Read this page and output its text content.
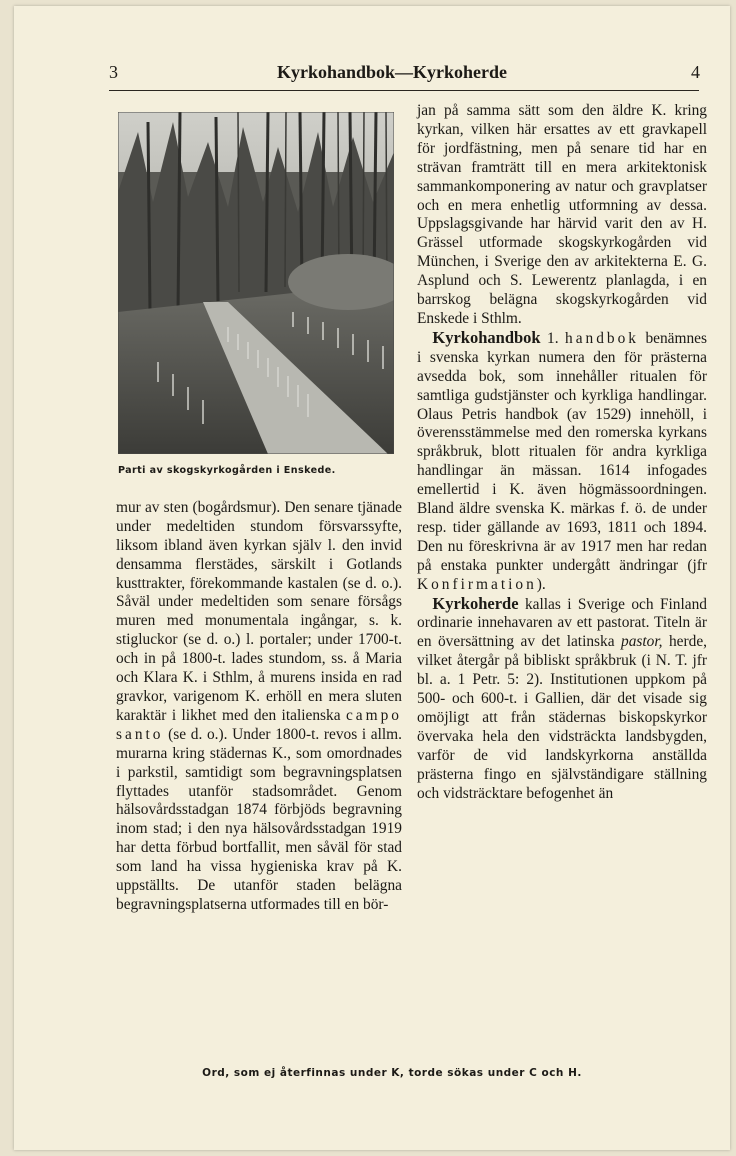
3	Kyrkohandbok—Kyrkoherde	4
Parti av skogskyrkogården i Enskede.

mur av sten (bogårdsmur). Den senare tjänade under medeltiden stundom försvarssyfte, liksom ibland även kyrkan själv l. den invid densamma flerstädes, särskilt i Gotlands kusttrakter, förekommande kastalen (se d. o.). Såväl under medeltiden som senare försågs muren med monumentala ingångar, s. k. stigluckor (se d. o.) l. portaler; under 1700-t. och in på 1800-t. lades stundom, ss. å Maria och Klara K. i Sthlm, å murens insida en rad gravkor, varigenom K. erhöll en mera sluten karaktär i likhet med den italienska campo santo (se d. o.). Under 1800-t. revos i allm. murarna kring städernas K., som omordnades i parkstil, samtidigt som begravningsplatsen flyttades utanför stadsområdet. Genom hälsovårdsstadgan 1874 förbjöds begravning inom stad; i den nya hälsovårdsstadgan 1919 har detta förbud bortfallit, men såväl för stad som land ha vissa hygieniska krav på K. uppställts. De utanför staden belägna begravningsplatserna utformades till en bör-

jan på samma sätt som den äldre K. kring kyrkan, vilken här ersattes av ett gravkapell för jordfästning, men på senare tid har en strävan framträtt till en mera arkitektonisk sammankomponering av natur och gravplatser och en mera enhetlig utformning av dessa. Uppslagsgivande har härvid varit den av H. Grässel utformade skogskyrkogården vid München, i Sverige den av arkitekterna E. G. Asplund och S. Lewerentz planlagda, i en barrskog belägna skogskyrkogården vid Enskede i Sthlm.

Kyrkohandbok 1. handbok benämnes i svenska kyrkan numera den för prästerna avsedda bok, som innehåller ritualen för samtliga gudstjänster och kyrkliga handlingar. Olaus Petris handbok (av 1529) innehöll, i överensstämmelse med den romerska kyrkans språkbruk, blott ritualen för andra kyrkliga handlingar än mässan. 1614 infogades emellertid i K. även högmässoordningen. Bland äldre svenska K. märkas f. ö. de under resp. tider gällande av 1693, 1811 och 1894. Den nu föreskrivna är av 1917 men har redan på enstaka punkter undergått ändringar (jfr Konfirmation).

Kyrkoherde kallas i Sverige och Finland ordinarie innehavaren av ett pastorat. Titeln är en översättning av det latinska pastor, herde, vilket återgår på bibliskt språkbruk (i N. T. jfr bl. a. 1 Petr. 5: 2). Institutionen uppkom på 500- och 600-t. i Gallien, där det visade sig omöjligt att från städernas biskopskyrkor övervaka hela den vidsträckta landsbygden, varför de vid landskyrkorna anställda prästerna fingo en självständigare ställning och vidsträcktare befogenhet än

Ord, som ej återfinnas under K, torde sökas under C och H.
